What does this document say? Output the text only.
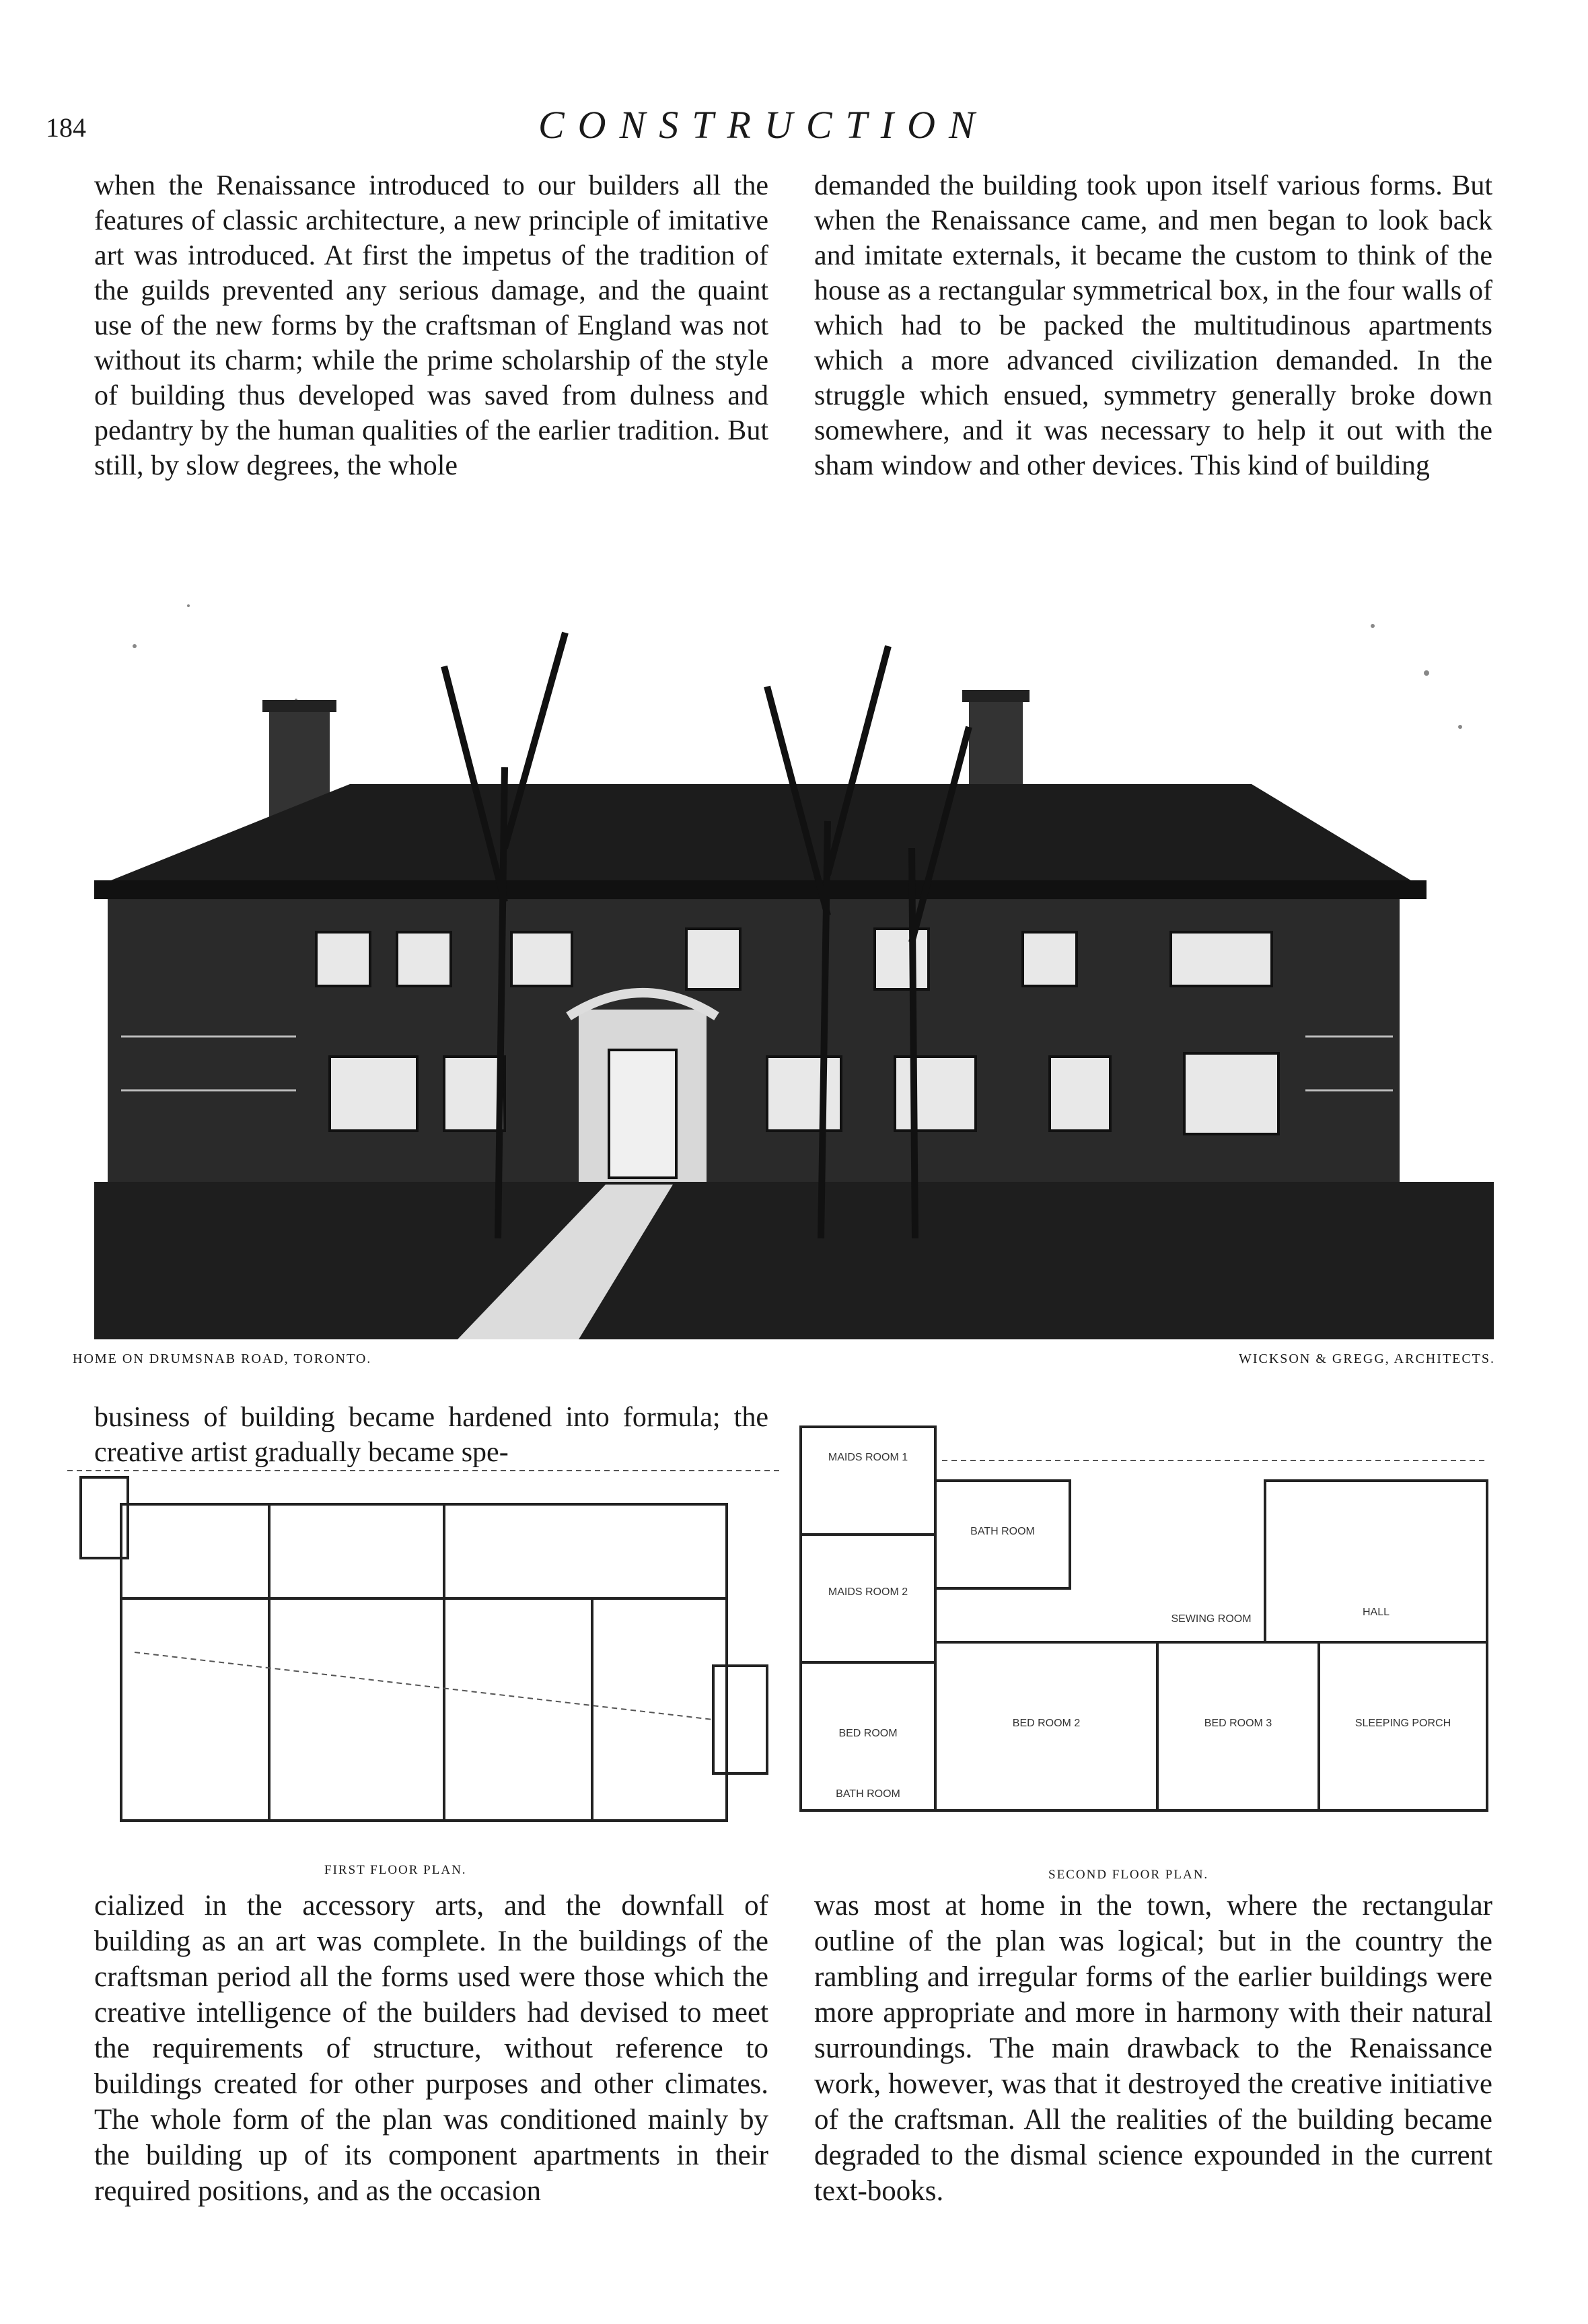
184	CONSTRUCTION
when the Renaissance introduced to our builders all the features of classic architecture, a new principle of imitative art was introduced. At first the impetus of the tradition of the guilds prevented any serious damage, and the quaint use of the new forms by the craftsman of England was not without its charm; while the prime scholarship of the style of building thus developed was saved from dulness and pedantry by the human qualities of the earlier tradition. But still, by slow degrees, the whole
demanded the building took upon itself various forms. But when the Renaissance came, and men began to look back and imitate externals, it became the custom to think of the house as a rectangular symmetrical box, in the four walls of which had to be packed the multitudinous apartments which a more advanced civilization demanded. In the struggle which ensued, symmetry generally broke down somewhere, and it was necessary to help it out with the sham window and other devices. This kind of building
HOME ON DRUMSNAB ROAD, TORONTO.	WICKSON & GREGG, ARCHITECTS.
business of building became hardened into formula; the creative artist gradually became spe-	MAIDS ROOM 1
MAIDS ROOM 2
BED ROOM
BATH ROOM
BED ROOM 2	BED ROOM 3
HALL
SEWING ROOM
SLEEPING PORCH
BATH ROOM
FIRST FLOOR PLAN.	SECOND FLOOR PLAN.
cialized in the accessory arts, and the downfall of building as an art was complete. In the buildings of the craftsman period all the forms used were those which the creative intelligence of the builders had devised to meet the requirements of structure, without reference to buildings created for other purposes and other climates. The whole form of the plan was conditioned mainly by the building up of its component apartments in their required positions, and as the occasion
was most at home in the town, where the rectangular outline of the plan was logical; but in the country the rambling and irregular forms of the earlier buildings were more appropriate and more in harmony with their natural surroundings. The main drawback to the Renaissance work, however, was that it destroyed the creative initiative of the craftsman. All the realities of the building became degraded to the dismal science expounded in the current text-books.
